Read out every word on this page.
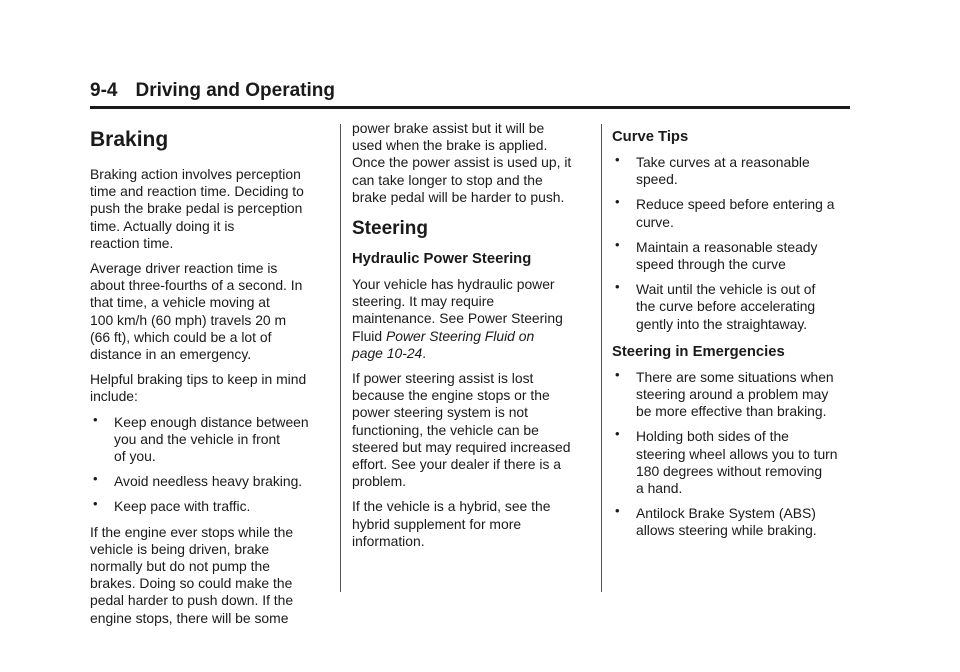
9-4 Driving and Operating
Braking

Braking action involves perception
time and reaction time. Deciding to
push the brake pedal is perception
time. Actually doing it is
reaction time.

Average driver reaction time is
about three-fourths of a second. In
that time, a vehicle moving at
100 km/h (60 mph) travels 20 m
(66 ft), which could be a lot of
distance in an emergency.

Helpful braking tips to keep in mind
include:

• Keep enough distance between
you and the vehicle in front
of you.
• Avoid needless heavy braking.
• Keep pace with traffic.

If the engine ever stops while the
vehicle is being driven, brake
normally but do not pump the
brakes. Doing so could make the
pedal harder to push down. If the
engine stops, there will be some

power brake assist but it will be
used when the brake is applied.
Once the power assist is used up, it
can take longer to stop and the
brake pedal will be harder to push.

Steering
Hydraulic Power Steering

Your vehicle has hydraulic power
steering. It may require
maintenance. See Power Steering
Fluid Power Steering Fluid on
page 10-24.

If power steering assist is lost
because the engine stops or the
power steering system is not
functioning, the vehicle can be
steered but may required increased
effort. See your dealer if there is a
problem.

If the vehicle is a hybrid, see the
hybrid supplement for more
information.

Curve Tips
• Take curves at a reasonable
speed.
• Reduce speed before entering a
curve.
• Maintain a reasonable steady
speed through the curve
• Wait until the vehicle is out of
the curve before accelerating
gently into the straightaway.
Steering in Emergencies
• There are some situations when
steering around a problem may
be more effective than braking.
• Holding both sides of the
steering wheel allows you to turn
180 degrees without removing
a hand.
• Antilock Brake System (ABS)
allows steering while braking.
